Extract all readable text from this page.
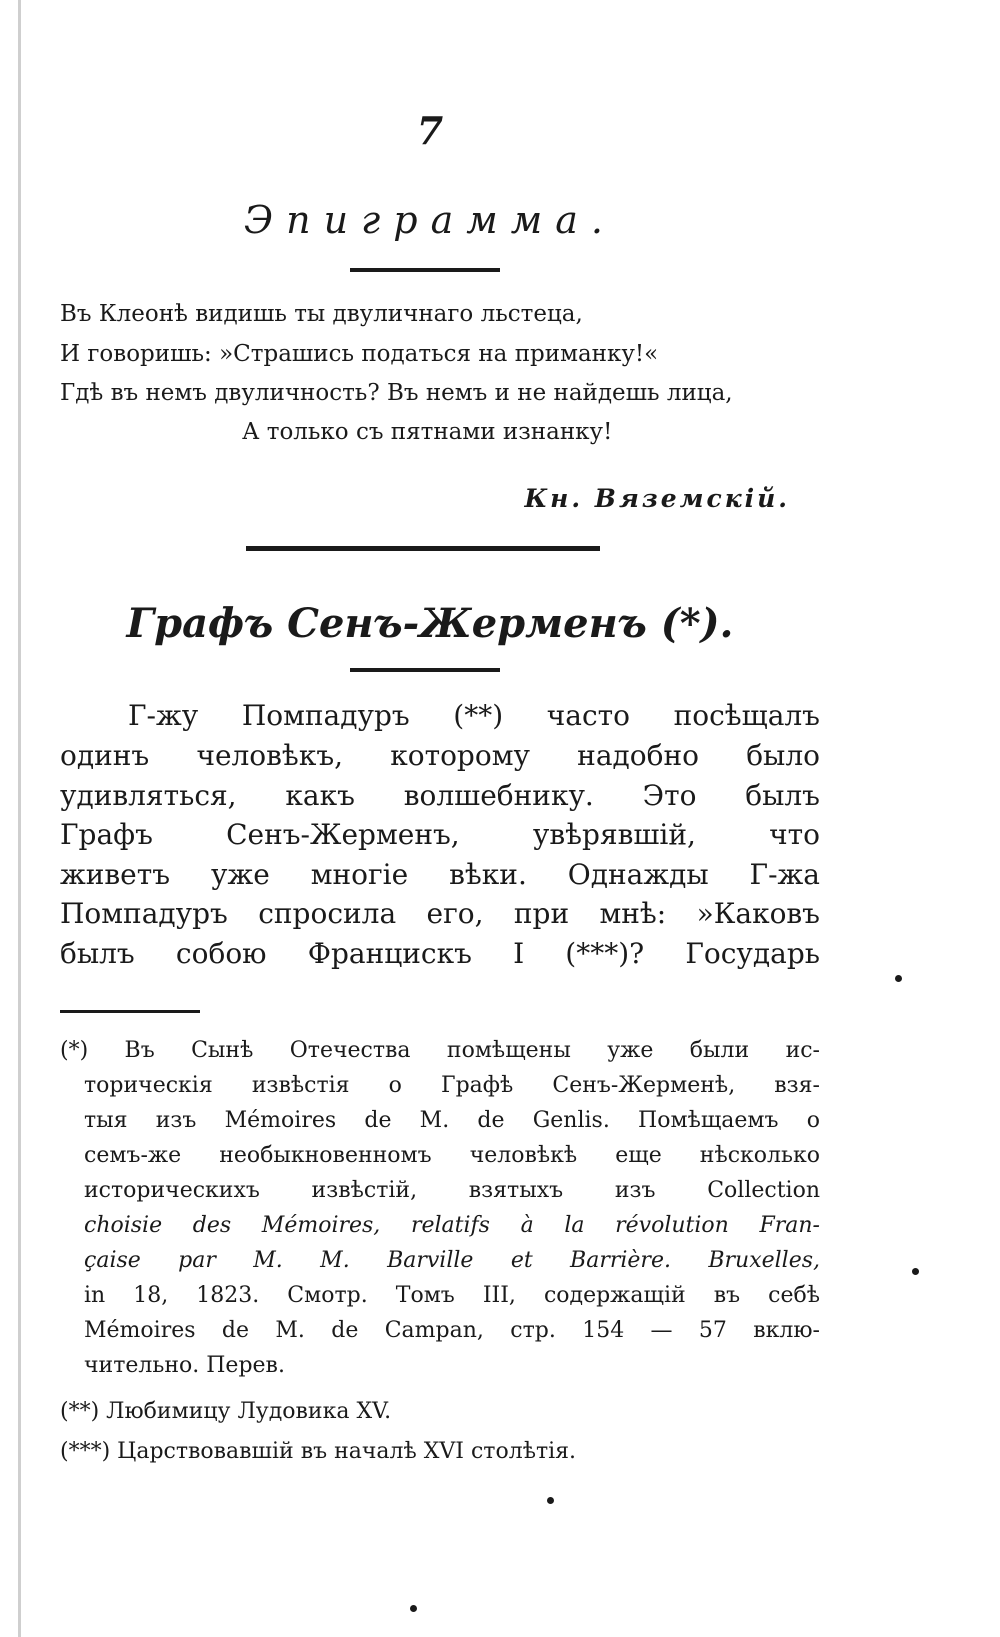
7
Эпиграмма.
Въ Клеонѣ видишь ты двуличнаго льстеца,
И говоришь: »Страшись податься на приманку!«
Гдѣ въ немъ двуличность? Въ немъ и не найдешь лица,
А только съ пятнами изнанку!
Кн. Вяземскій.
Графъ Сенъ-Жерменъ (*).
Г-жу Помпадуръ (**) часто посѣщалъ
одинъ человѣкъ, которому надобно было
удивляться, какъ волшебнику. Это былъ
Графъ Сенъ-Жерменъ, увѣрявшій, что
живетъ уже многіе вѣки. Однажды Г-жа
Помпадуръ спросила его, при мнѣ: »Каковъ
былъ собою Францискъ I (***)? Государь
(*) Въ Сынѣ Отечества помѣщены уже были ис-
торическія извѣстія о Графѣ Сенъ-Жерменѣ, взя-
тыя изъ Mémoires de M. de Genlis. Помѣщаемъ о
семъ-же необыкновенномъ человѣкѣ еще нѣсколько
историческихъ извѣстій, взятыхъ изъ Collection
choisie des Mémoires, relatifs à la révolution Fran-
çaise par M. M. Barville et Barrière. Bruxelles,
in 18, 1823. Смотр. Томъ III, содержащій въ себѣ
Mémoires de M. de Campan, стр. 154 — 57 вклю-
чительно. Перев.
(**) Любимицу Лудовика XV.
(***) Царствовавшій въ началѣ XVI столѣтія.
